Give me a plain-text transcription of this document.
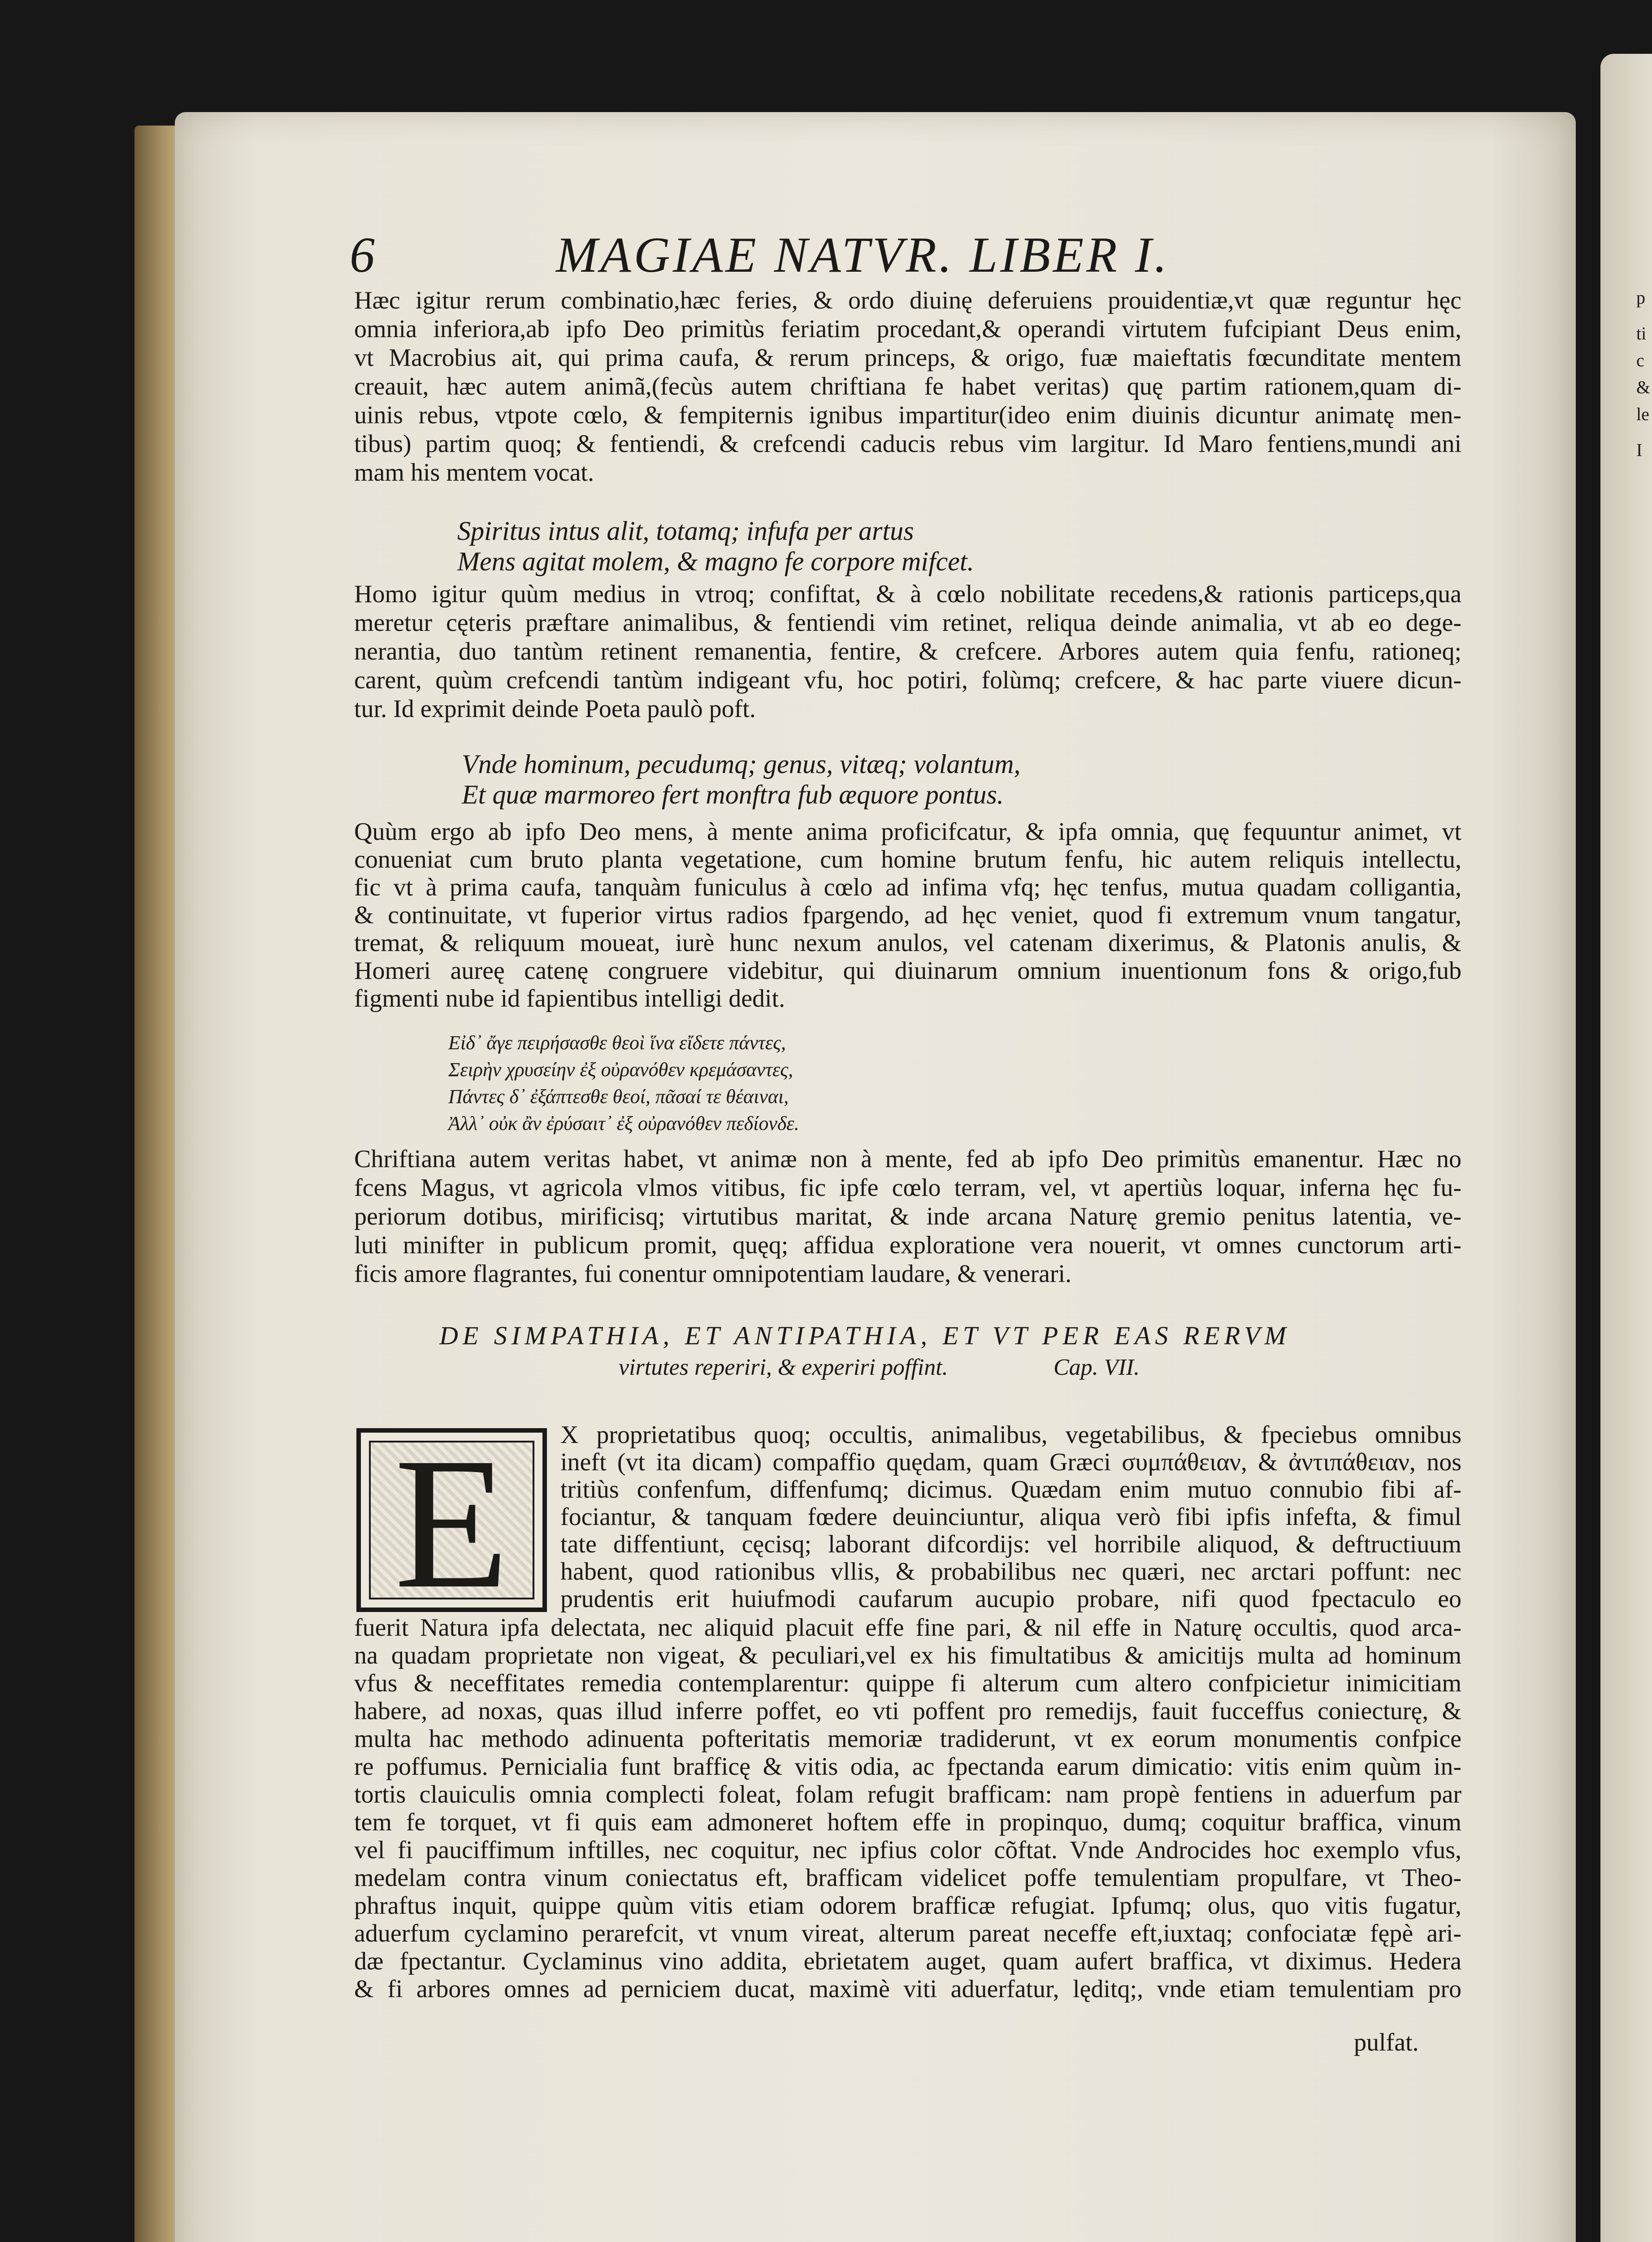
p
ti
c
&
le
I
6	MAGIAE NATVR. LIBER I.
Hæc igitur rerum combinatio,hæc feries, & ordo diuinę deferuiens prouidentiæ,vt quæ reguntur hęc
omnia inferiora,ab ipfo Deo primitùs feriatim procedant,& operandi virtutem fufcipiant Deus enim,
vt Macrobius ait, qui prima caufa, & rerum princeps, & origo, fuæ maieftatis fœcunditate mentem
creauit, hæc autem animã,(fecùs autem chriftiana fe habet veritas) quę partim rationem,quam di-
uinis rebus, vtpote cœlo, & fempiternis ignibus impartitur(ideo enim diuinis dicuntur animatę men-
tibus) partim quoq; & fentiendi, & crefcendi caducis rebus vim largitur. Id Maro fentiens,mundi ani
mam his mentem vocat.
Homo igitur quùm medius in vtroq; confiftat, & à cœlo nobilitate recedens,& rationis particeps,qua
meretur cęteris præftare animalibus, & fentiendi vim retinet, reliqua deinde animalia, vt ab eo dege-
nerantia, duo tantùm retinent remanentia, fentire, & crefcere. Arbores autem quia fenfu, rationeq;
carent, quùm crefcendi tantùm indigeant vfu, hoc potiri, folùmq; crefcere, & hac parte viuere dicun-
tur. Id exprimit deinde Poeta paulò poft.
Quùm ergo ab ipfo Deo mens, à mente anima proficifcatur, & ipfa omnia, quę fequuntur animet, vt
conueniat cum bruto planta vegetatione, cum homine brutum fenfu, hic autem reliquis intellectu,
fic vt à prima caufa, tanquàm funiculus à cœlo ad infima vfq; hęc tenfus, mutua quadam colligantia,
& continuitate, vt fuperior virtus radios fpargendo, ad hęc veniet, quod fi extremum vnum tangatur,
tremat, & reliquum moueat, iurè hunc nexum anulos, vel catenam dixerimus, & Platonis anulis, &
Homeri aureę catenę congruere videbitur, qui diuinarum omnium inuentionum fons & origo,fub
figmenti nube id fapientibus intelligi dedit.
Chriftiana autem veritas habet, vt animæ non à mente, fed ab ipfo Deo primitùs emanentur. Hæc no
fcens Magus, vt agricola vlmos vitibus, fic ipfe cœlo terram, vel, vt apertiùs loquar, inferna hęc fu-
periorum dotibus, mirificisq; virtutibus maritat, & inde arcana Naturę gremio penitus latentia, ve-
luti minifter in publicum promit, quęq; affidua exploratione vera nouerit, vt omnes cunctorum arti-
ficis amore flagrantes, fui conentur omnipotentiam laudare, & venerari.
X proprietatibus quoq; occultis, animalibus, vegetabilibus, & fpeciebus omnibus
ineft (vt ita dicam) compaffio quędam, quam Græci συμπάθειαν, & ἀντιπάθειαν, nos
tritiùs confenfum, diffenfumq; dicimus. Quædam enim mutuo connubio fibi af-
fociantur, & tanquam fœdere deuinciuntur, aliqua verò fibi ipfis infefta, & fimul
tate diffentiunt, cęcisq; laborant difcordijs: vel horribile aliquod, & deftructiuum
habent, quod rationibus vllis, & probabilibus nec quæri, nec arctari poffunt: nec
prudentis erit huiufmodi caufarum aucupio probare, nifi quod fpectaculo eo
fuerit Natura ipfa delectata, nec aliquid placuit effe fine pari, & nil effe in Naturę occultis, quod arca-
na quadam proprietate non vigeat, & peculiari,vel ex his fimultatibus & amicitijs multa ad hominum
vfus & neceffitates remedia contemplarentur: quippe fi alterum cum altero confpicietur inimicitiam
habere, ad noxas, quas illud inferre poffet, eo vti poffent pro remedijs, fauit fucceffus coniecturę, &
multa hac methodo adinuenta pofteritatis memoriæ tradiderunt, vt ex eorum monumentis confpice
re poffumus. Pernicialia funt brafficę & vitis odia, ac fpectanda earum dimicatio: vitis enim quùm in-
tortis clauiculis omnia complecti foleat, folam refugit brafficam: nam propè fentiens in aduerfum par
tem fe torquet, vt fi quis eam admoneret hoftem effe in propinquo, dumq; coquitur braffica, vinum
vel fi pauciffimum inftilles, nec coquitur, nec ipfius color cõftat. Vnde Androcides hoc exemplo vfus,
medelam contra vinum coniectatus eft, brafficam videlicet poffe temulentiam propulfare, vt Theo-
phraftus inquit, quippe quùm vitis etiam odorem brafficæ refugiat. Ipfumq; olus, quo vitis fugatur,
aduerfum cyclamino perarefcit, vt vnum vireat, alterum pareat neceffe eft,iuxtaq; confociatæ fępè ari-
dæ fpectantur. Cyclaminus vino addita, ebrietatem auget, quam aufert braffica, vt diximus. Hedera
& fi arbores omnes ad perniciem ducat, maximè viti aduerfatur, lęditq;, vnde etiam temulentiam pro
Spiritus intus alit, totamq; infufa per artus
Mens agitat molem, & magno fe corpore mifcet.
Vnde hominum, pecudumq; genus, vitæq; volantum,
Et quæ marmoreo fert monftra fub æquore pontus.
Εἰδ᾽ ἄγε πειρήσασθε θεοὶ ἵνα εἴδετε πάντες,
Σειρὴν χρυσείην ἐξ οὐρανόθεν κρεμάσαντες,
Πάντες δ᾽ ἐξάπτεσθε θεοί, πᾶσαί τε θέαιναι,
Ἀλλ᾽ οὐκ ἂν ἐρύσαιτ᾽ ἐξ οὐρανόθεν πεδίονδε.
DE SIMPATHIA, ET ANTIPATHIA, ET VT PER EAS RERVM
virtutes reperiri, & experiri poffint.	Cap. VII.
E
pulfat.
